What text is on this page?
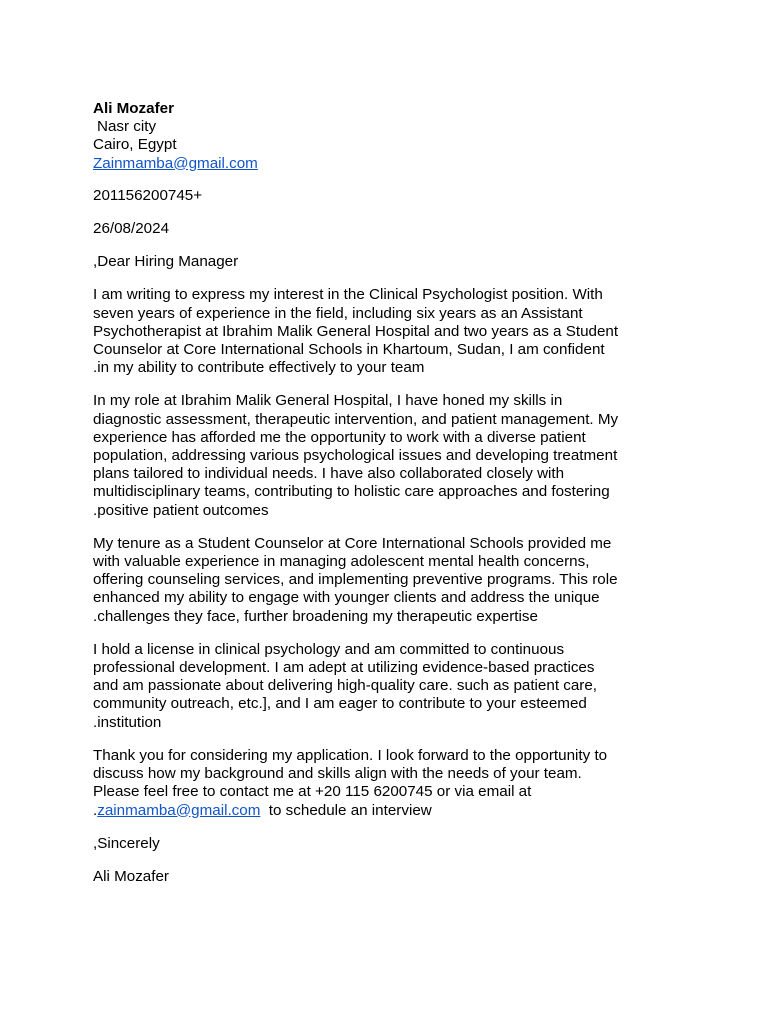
Ali Mozafer

Nasr city

Cairo, Egypt

Zainmamba@gmail.com

201156200745+

26/08/2024

,Dear Hiring Manager

I am writing to express my interest in the Clinical Psychologist position. With
seven years of experience in the field, including six years as an Assistant
Psychotherapist at Ibrahim Malik General Hospital and two years as a Student
Counselor at Core International Schools in Khartoum, Sudan, I am confident
.in my ability to contribute effectively to your team
In my role at Ibrahim Malik General Hospital, I have honed my skills in
diagnostic assessment, therapeutic intervention, and patient management. My
experience has afforded me the opportunity to work with a diverse patient
population, addressing various psychological issues and developing treatment
plans tailored to individual needs. I have also collaborated closely with
multidisciplinary teams, contributing to holistic care approaches and fostering
.positive patient outcomes
My tenure as a Student Counselor at Core International Schools provided me
with valuable experience in managing adolescent mental health concerns,
offering counseling services, and implementing preventive programs. This role
enhanced my ability to engage with younger clients and address the unique
.challenges they face, further broadening my therapeutic expertise
I hold a license in clinical psychology and am committed to continuous
professional development. I am adept at utilizing evidence-based practices
and am passionate about delivering high-quality care. such as patient care,
community outreach, etc.], and I am eager to contribute to your esteemed
.institution
Thank you for considering my application. I look forward to the opportunity to
discuss how my background and skills align with the needs of your team.
Please feel free to contact me at +20 115 6200745 or via email at
.zainmamba@gmail.com  to schedule an interview

,Sincerely

Ali Mozafer
